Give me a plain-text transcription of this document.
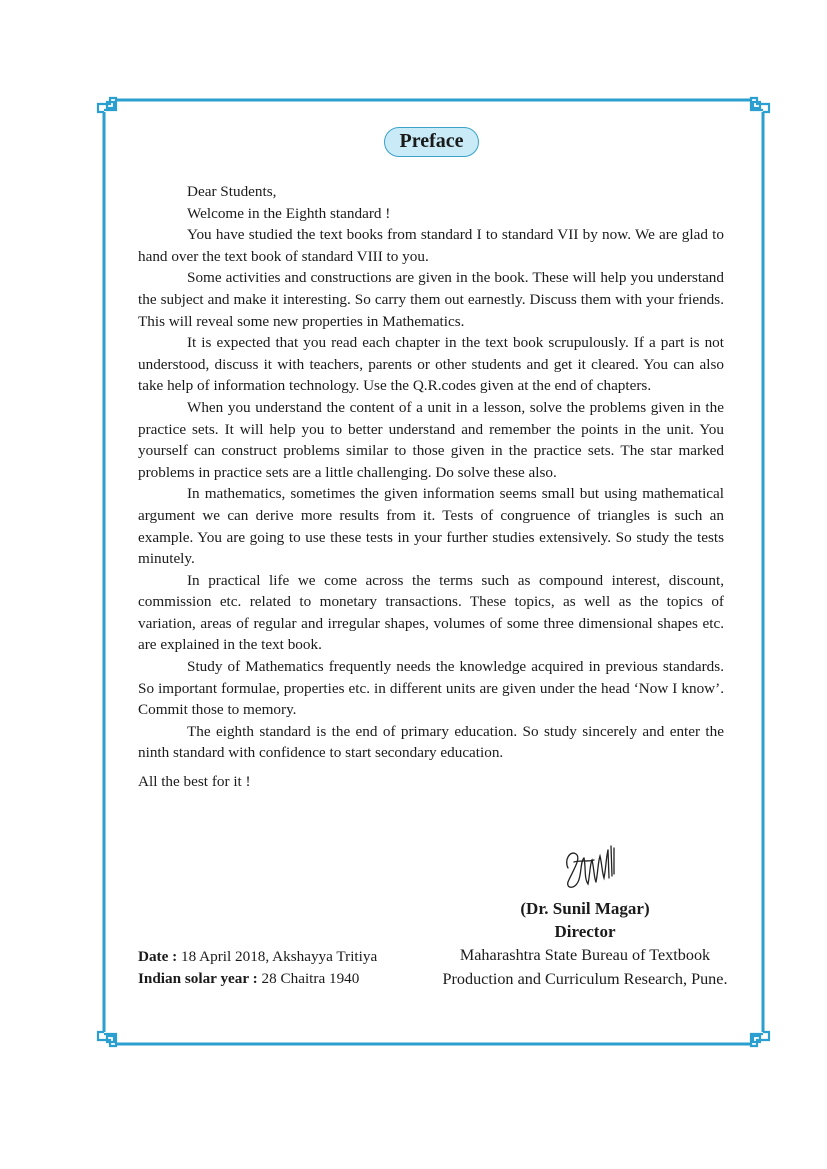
Preface

Dear Students,

Welcome in the Eighth standard !

You have studied the text books from standard I to standard VII by now. We are glad to hand over the text book of standard VIII to you.

Some activities and constructions are given in the book. These will help you understand the subject and make it interesting. So carry them out earnestly. Discuss them with your friends. This will reveal some new properties in Mathematics.

It is expected that you read each chapter in the text book scrupulously. If a part is not understood, discuss it with teachers, parents or other students and get it cleared. You can also take help of information technology. Use the Q.R.codes given at the end of chapters.

When you understand the content of a unit in a lesson, solve the problems given in the practice sets. It will help you to better understand and remember the points in the unit. You yourself can construct problems similar to those given in the practice sets. The star marked problems in practice sets are a little challenging. Do solve these also.

In mathematics, sometimes the given information seems small but using mathematical argument we can derive more results from it. Tests of congruence of triangles is such an example. You are going to use these tests in your further studies extensively. So study the tests minutely.

In practical life we come across the terms such as compound interest, discount, commission etc. related to monetary transactions. These topics, as well as the topics of variation, areas of regular and irregular shapes, volumes of some three dimensional shapes etc. are explained in the text book.

Study of Mathematics frequently needs the knowledge acquired in previous standards. So important formulae, properties etc. in different units are given under the head ‘Now I know’. Commit those to memory.

The eighth standard is the end of primary education. So study sincerely and enter the ninth standard with confidence to start secondary education.

All the best for it !

(Dr. Sunil Magar)
Director
Maharashtra State Bureau of Textbook
Production and Curriculum Research, Pune.
Date : 18 April 2018, Akshayya Tritiya
Indian solar year : 28 Chaitra 1940
